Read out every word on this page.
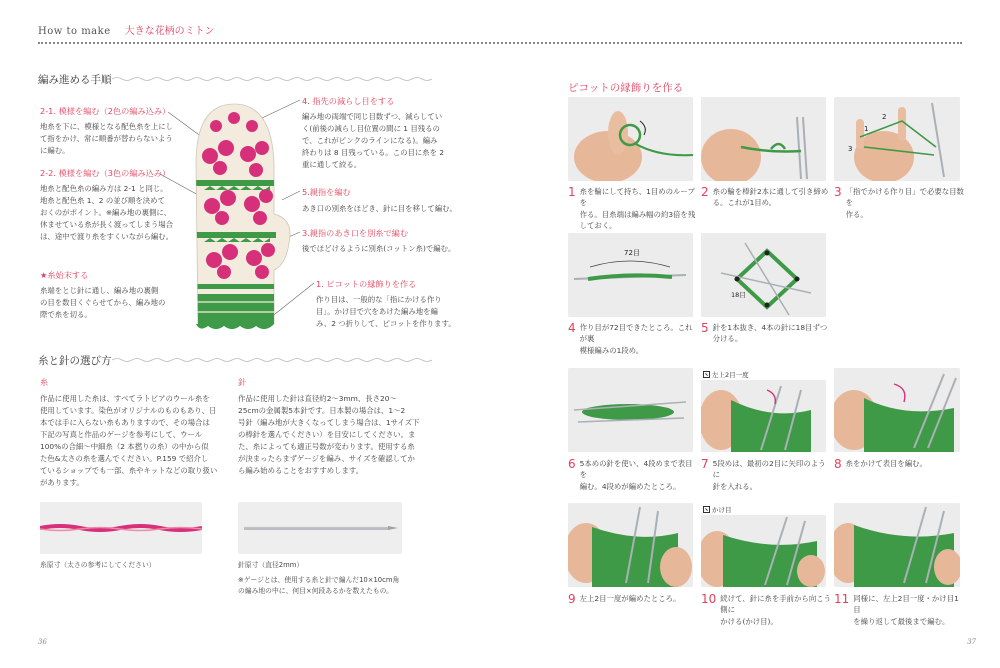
How to make 大きな花柄のミトン
編み進める手順
2-1. 模様を編む（2色の編み込み）
地糸を下に、模様となる配色糸を上にし
て指をかけ、常に順番が替わらないよう
に編む。
2-2. 模様を編む（3色の編み込み）
地糸と配色糸の編み方は 2-1 と同じ。
地糸と配色糸 1、2 の並び順を決めて
おくのがポイント。※編み地の裏側に、
休ませている糸が長く渡ってしまう場合
は、途中で渡り糸をすくいながら編む。
★糸始末する
糸端をとじ針に通し、編み地の裏側
の目を数目くぐらせてから、編み地の
際で糸を切る。
4. 指先の減らし目をする
編み地の両端で同じ目数ずつ、減らしてい
く(前後の減らし目位置の間に 1 目残るの
で、これがピンクのラインになる)。編み
終わりは 8 目残っている。この目に糸を 2
重に通して絞る。
5.親指を編む
あき口の別糸をほどき、針に目を移して編む。
3.親指のあき口を別糸で編む
後でほどけるように別糸(コットン糸)で編む。
1. ピコットの縁飾りを作る
作り目は、一般的な「指にかける作り
目」。かけ目で穴をあけた編み地を編
み、2 つ折りして、ピコットを作ります。
糸と針の選び方
糸
作品に使用した糸は、すべてラトビアのウール糸を
使用しています。染色がオリジナルのものもあり、日
本では手に入らない糸もありますので、その場合は
下記の写真と作品のゲージを参考にして、ウール
100%の合細〜中細糸（2 本撚りの糸）の中から似
た色&太さの糸を選んでください。P.159 で紹介し
ているショップでも一部、糸やキットなどの取り扱い
があります。
糸原寸（太さの参考にしてください）
針
作品に使用した針は直径約2〜3mm、長さ20〜
25cmの金属製5本針です。日本製の場合は、1〜2
号針（編み地が大きくなってしまう場合は、1サイズ下
の棒針を選んでください）を目安にしてください。ま
た、糸によっても適正号数が変わります。使用する糸
が決まったらまずゲージを編み、サイズを確認してか
ら編み始めることをおすすめします。
針原寸（直径2mm）
※ゲージとは、使用する糸と針で編んだ10×10cm角
の編み地の中に、何目×何段あるかを数えたもの。
36
ピコットの縁飾りを作る
2
1
3
1 糸を輪にして持ち、1目めのループを
作る。目糸端は編み幅の約3倍を残
しておく。
2 糸の輪を棒針2本に通して引き締め
る。これが1目め。
3 「指でかける作り目」で必要な目数を
作る。
72目
18目
4 作り目が72目できたところ。これが裏
模様編みの1段め。
5 針を1本抜き、4本の針に18目ずつ
分ける。
左上2目一度
6 5本めの針を使い、4段めまで表目を
編む。4段めが編めたところ。
7 5段めは、最初の2目に矢印のように
針を入れる。
8 糸をかけて表目を編む。
かけ目
9 左上2目一度が編めたところ。 10 続けて、針に糸を手前から向こう側に
かける(かけ目)。
11 同様に、左上2目一度・かけ目1目
を繰り返して最後まで編む。
37
